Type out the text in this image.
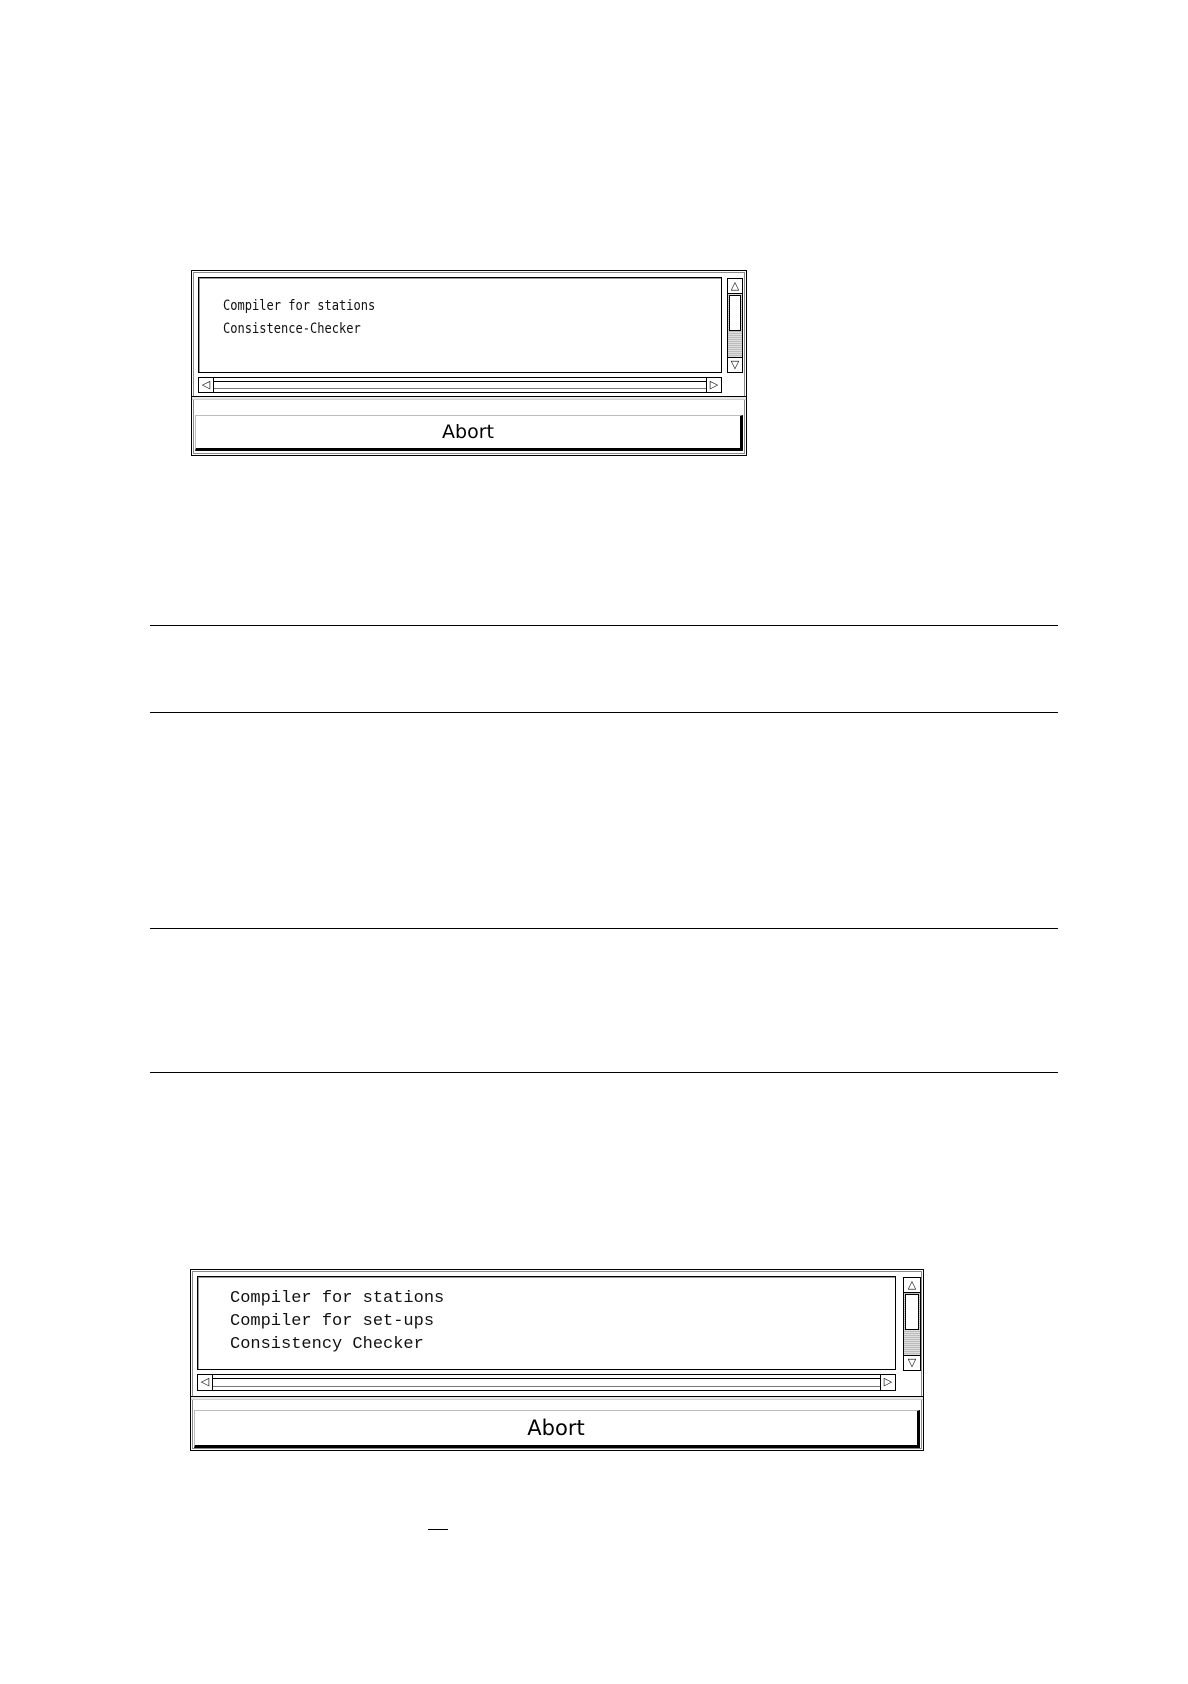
Compiler for stations
Consistence-Checker
△
▽
◁	▷
Abort
Compiler for stations
Compiler for set-ups
Consistency Checker
△
▽
◁	▷
Abort
